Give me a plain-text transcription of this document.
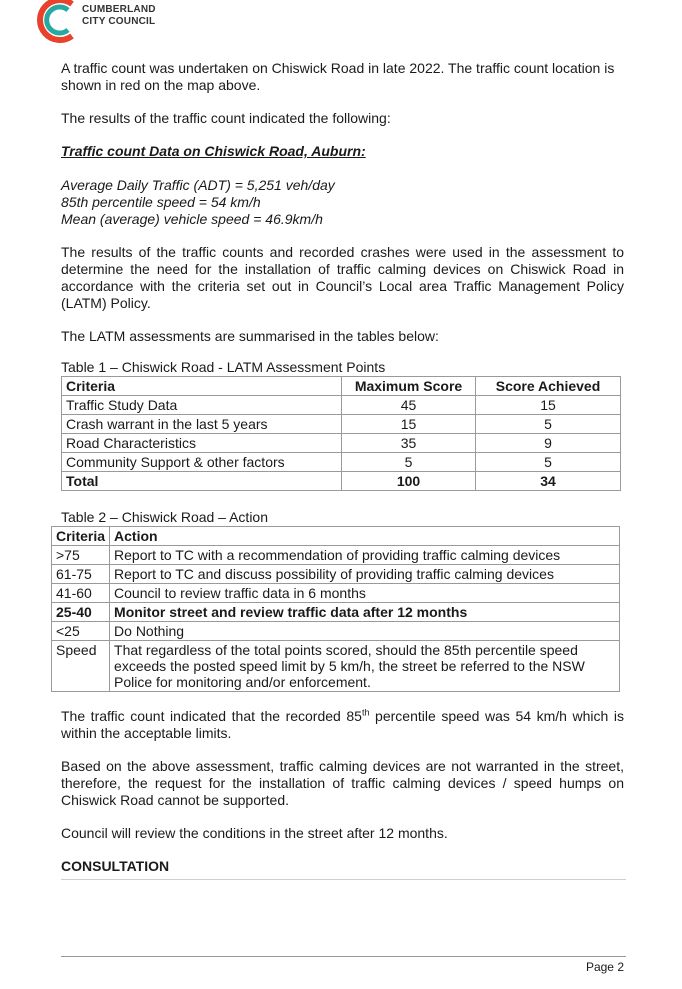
CUMBERLAND
CITY COUNCIL

A traffic count was undertaken on Chiswick Road in late 2022. The traffic count location is shown in red on the map above.

The results of the traffic count indicated the following:

Traffic count Data on Chiswick Road, Auburn:

Average Daily Traffic (ADT) = 5,251 veh/day

85th percentile speed = 54 km/h

Mean (average) vehicle speed = 46.9km/h

The results of the traffic counts and recorded crashes were used in the assessment to determine the need for the installation of traffic calming devices on Chiswick Road in accordance with the criteria set out in Council’s Local area Traffic Management Policy (LATM) Policy.

The LATM assessments are summarised in the tables below:

Table 1 – Chiswick Road - LATM Assessment Points

Criteria	Maximum Score	Score Achieved
Traffic Study Data	45	15
Crash warrant in the last 5 years	15	5
Road Characteristics	35	9
Community Support & other factors	5	5
Total	100	34

Table 2 – Chiswick Road – Action

Criteria	Action
>75	Report to TC with a recommendation of providing traffic calming devices
61-75	Report to TC and discuss possibility of providing traffic calming devices
41-60	Council to review traffic data in 6 months
25-40	Monitor street and review traffic data after 12 months
<25	Do Nothing
Speed	That regardless of the total points scored, should the 85th percentile speed exceeds the posted speed limit by 5 km/h, the street be referred to the NSW Police for monitoring and/or enforcement.

The traffic count indicated that the recorded 85th percentile speed was 54 km/h which is within the acceptable limits.

Based on the above assessment, traffic calming devices are not warranted in the street, therefore, the request for the installation of traffic calming devices / speed humps on Chiswick Road cannot be supported.

Council will review the conditions in the street after 12 months.

CONSULTATION

Page 2
